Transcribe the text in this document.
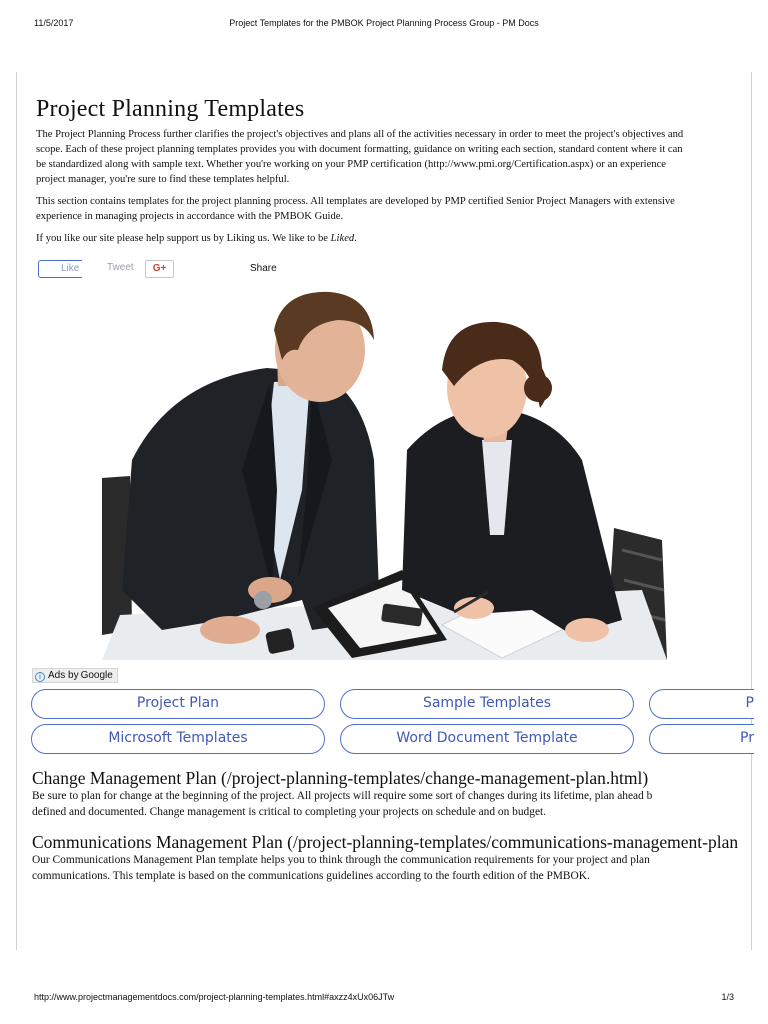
11/5/2017	Project Templates for the PMBOK Project Planning Process Group - PM Docs
Project Planning Templates
The Project Planning Process further clarifies the project's objectives and plans all of the activities necessary in order to meet the project's objectives and
scope. Each of these project planning templates provides you with document formatting, guidance on writing each section, standard content where it can
be standardized along with sample text. Whether you're working on your PMP certification (http://www.pmi.org/Certification.aspx) or an experience
project manager, you're sure to find these templates helpful.
This section contains templates for the project planning process. All templates are developed by PMP certified Senior Project Managers with extensive
experience in managing projects in accordance with the PMBOK Guide.
If you like our site please help support us by Liking us. We like to be Liked.
Like	Tweet	G+	Share
i Ads by  Google
Project Plan	Sample Templates	P
Microsoft Templates	Word Document Template	Pr
Change Management Plan (/project-planning-templates/change-management-plan.html)
Be sure to plan for change at the beginning of the project. All projects will require some sort of changes during its lifetime, plan ahead b
defined and documented. Change management is critical to completing your projects on schedule and on budget.
Communications Management Plan (/project-planning-templates/communications-management-plan
Our Communications Management Plan template helps you to think through the communication requirements for your project and plan
communications. This template is based on the communications guidelines according to the fourth edition of the PMBOK.
http://www.projectmanagementdocs.com/project-planning-templates.html#axzz4xUx06JTw	1/3
